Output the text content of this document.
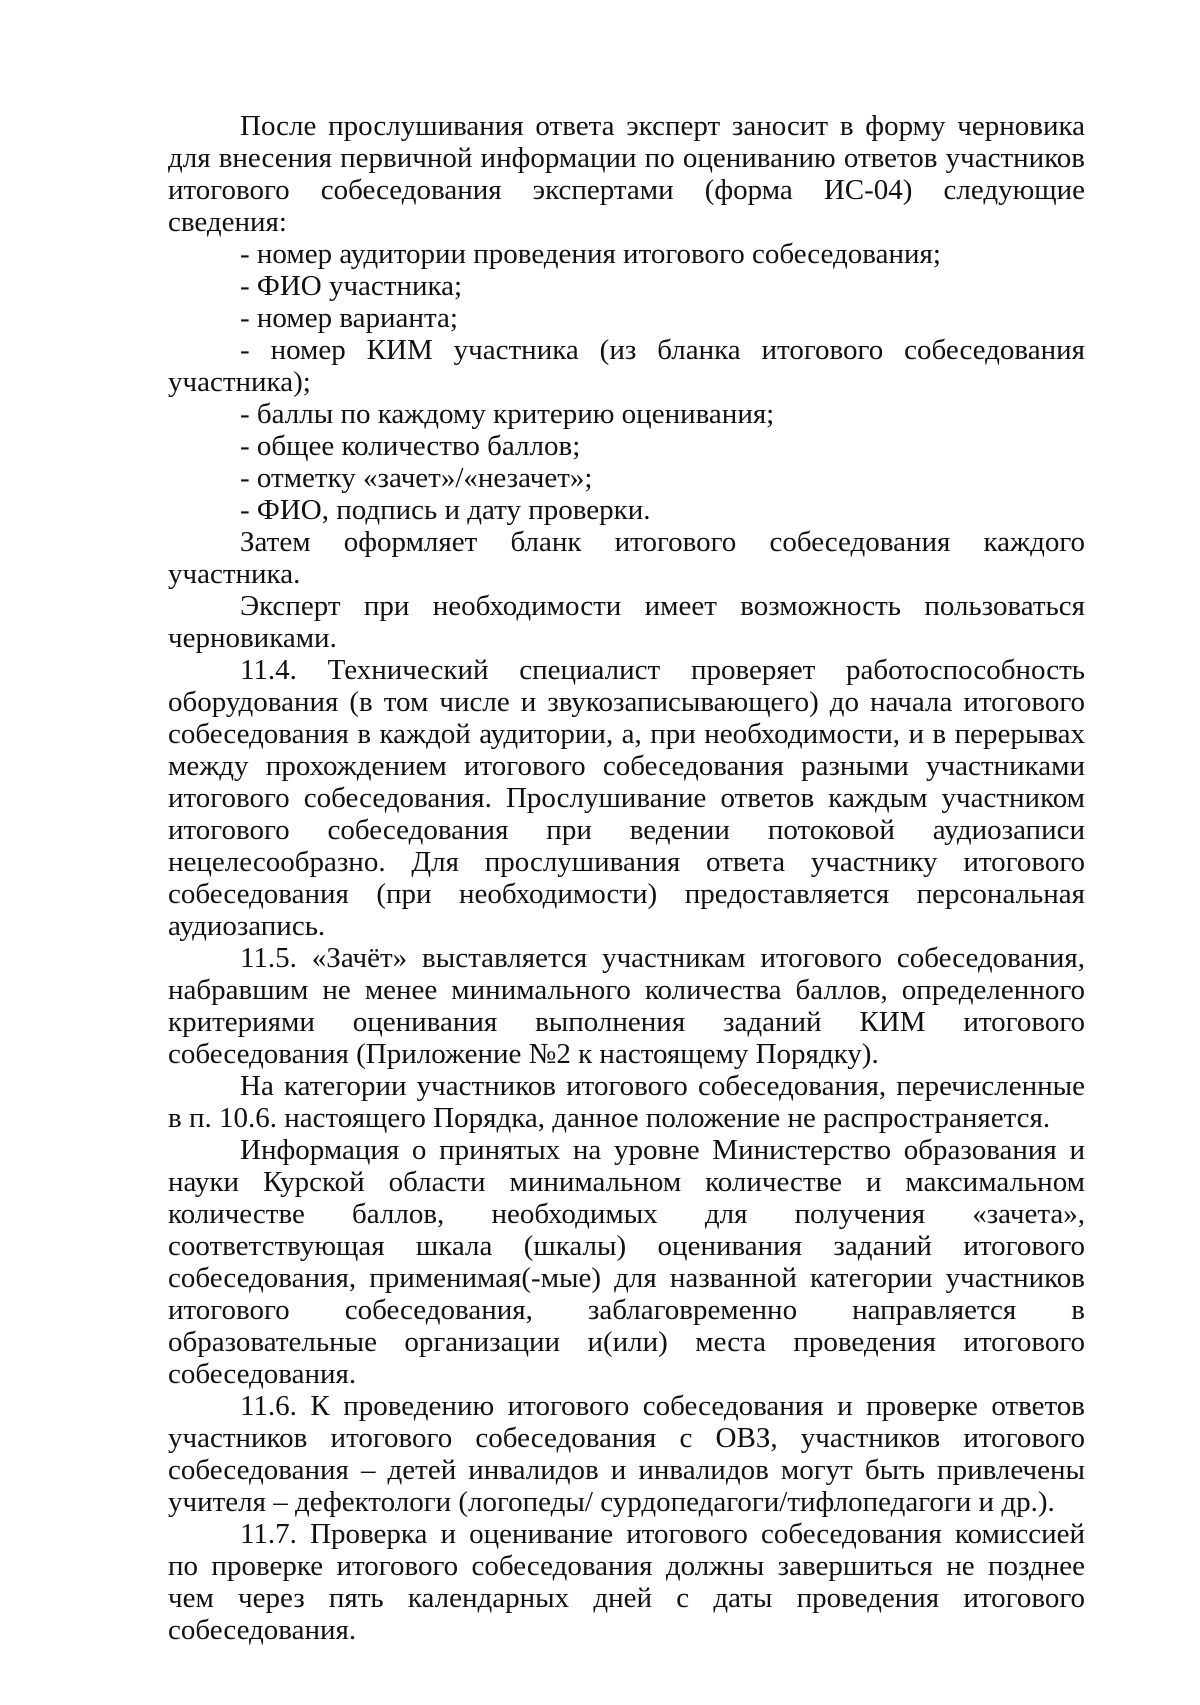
После прослушивания ответа эксперт заносит в форму черновика для внесения первичной информации по оцениванию ответов участников итогового собеседования экспертами (форма ИС-04) следующие сведения:

- номер аудитории проведения итогового собеседования;

- ФИО участника;

- номер варианта;

- номер КИМ участника (из бланка итогового собеседования участника);

- баллы по каждому критерию оценивания;

- общее количество баллов;

- отметку «зачет»/«незачет»;

- ФИО, подпись и дату проверки.

Затем оформляет бланк итогового собеседования каждого участника.

Эксперт при необходимости имеет возможность пользоваться черновиками.

11.4. Технический специалист проверяет работоспособность оборудования (в том числе и звукозаписывающего) до начала итогового собеседования в каждой аудитории, а, при необходимости, и в перерывах между прохождением итогового собеседования разными участниками итогового собеседования. Прослушивание ответов каждым участником итогового собеседования при ведении потоковой аудиозаписи нецелесообразно. Для прослушивания ответа участнику итогового собеседования (при необходимости) предоставляется персональная аудиозапись.

11.5. «Зачёт» выставляется участникам итогового собеседования, набравшим не менее минимального количества баллов, определенного критериями оценивания выполнения заданий КИМ итогового собеседования (Приложение №2 к настоящему Порядку).

На категории участников итогового собеседования, перечисленные в п. 10.6. настоящего Порядка, данное положение не распространяется.

Информация о принятых на уровне Министерство образования и науки Курской области минимальном количестве и максимальном количестве баллов, необходимых для получения «зачета», соответствующая шкала (шкалы) оценивания заданий итогового собеседования, применимая(-мые) для названной категории участников итогового собеседования, заблаговременно направляется в образовательные организации и(или) места проведения итогового собеседования.

11.6. К проведению итогового собеседования и проверке ответов участников итогового собеседования с ОВЗ, участников итогового собеседования – детей инвалидов и инвалидов могут быть привлечены учителя – дефектологи (логопеды/ сурдопедагоги/тифлопедагоги и др.).

11.7. Проверка и оценивание итогового собеседования комиссией по проверке итогового собеседования должны завершиться не позднее чем через пять календарных дней с даты проведения итогового собеседования.
